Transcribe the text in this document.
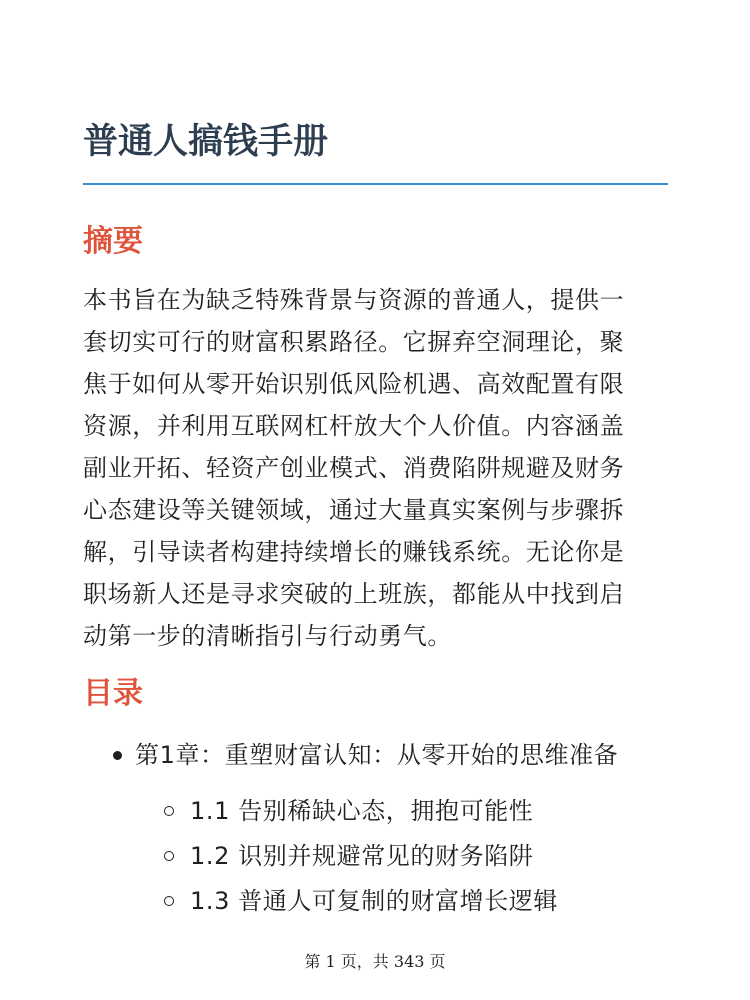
普通人搞钱手册
摘要

本书旨在为缺乏特殊背景与资源的普通人，提供一
套切实可行的财富积累路径。它摒弃空洞理论，聚
焦于如何从零开始识别低风险机遇、高效配置有限
资源，并利用互联网杠杆放大个人价值。内容涵盖
副业开拓、轻资产创业模式、消费陷阱规避及财务
心态建设等关键领域，通过大量真实案例与步骤拆
解，引导读者构建持续增长的赚钱系统。无论你是
职场新人还是寻求突破的上班族，都能从中找到启
动第一步的清晰指引与行动勇气。

目录
第1章：重塑财富认知：从零开始的思维准备
1.1 告别稀缺心态，拥抱可能性
1.2 识别并规避常见的财务陷阱
1.3 普通人可复制的财富增长逻辑
第 1 页，共 343 页
